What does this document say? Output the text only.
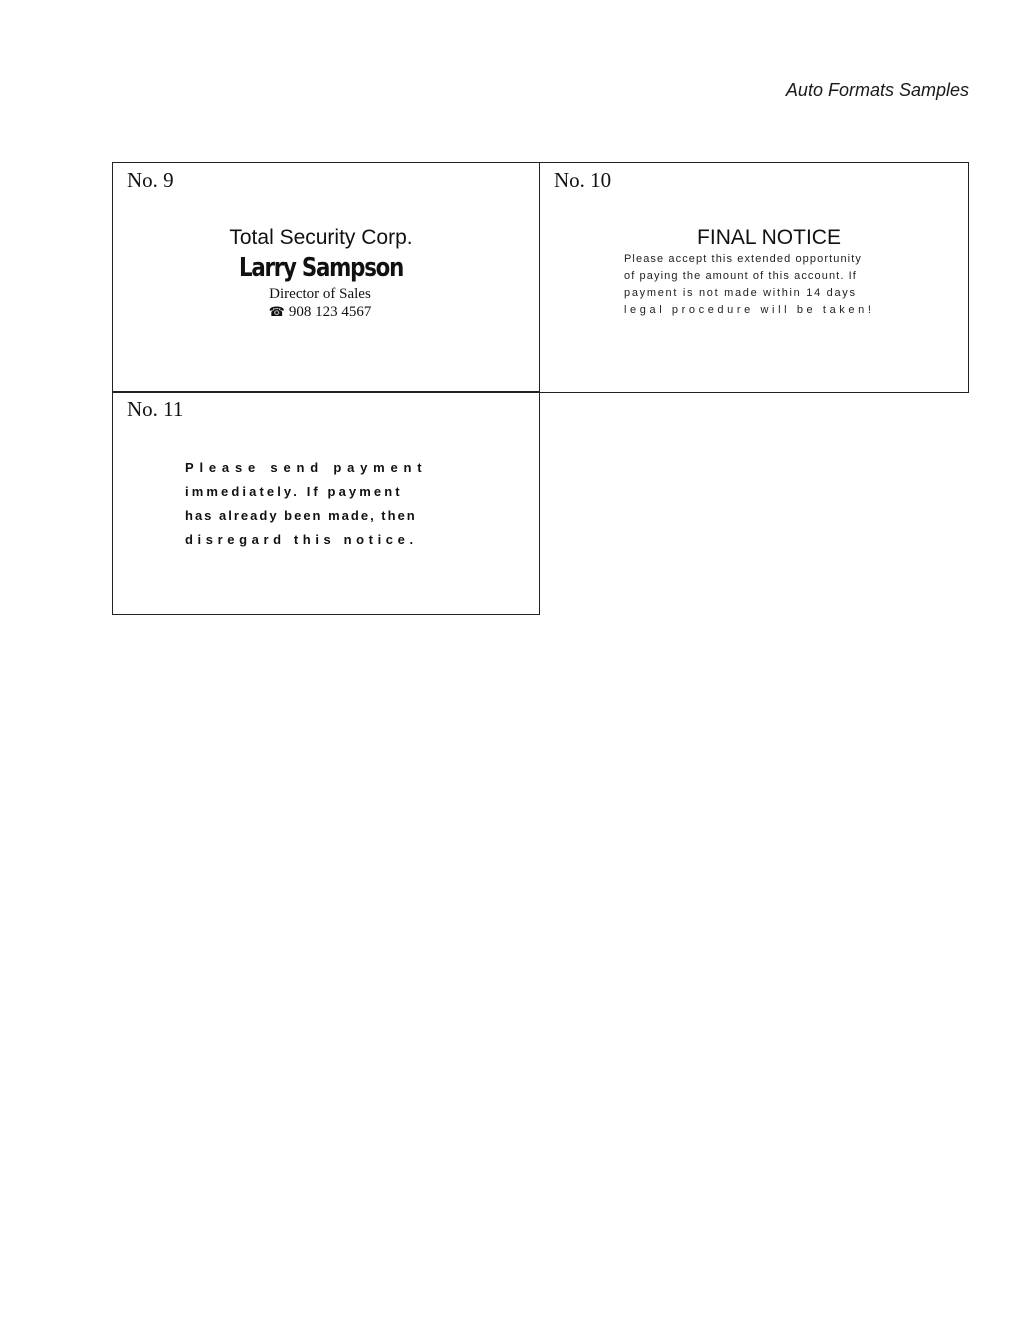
Auto Formats Samples
No. 9
Total Security Corp.
Larry Sampson
Director of Sales
☎ 908 123 4567
No. 10
FINAL NOTICE
Please accept this extended opportunity
of paying the amount of this account. If
payment is not made within 14 days
legal procedure will be taken!
No. 11
Please send payment
immediately. If payment
has already been made, then
disregard this notice.
